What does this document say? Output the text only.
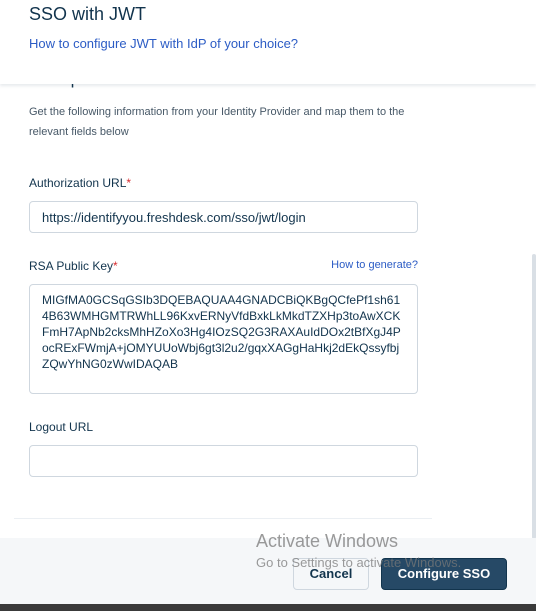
SSO with JWT
How to configure JWT with IdP of your choice?
Get the following information from your Identity Provider and map them to the relevant fields below
Authorization URL*
https://identifyyou.freshdesk.com/sso/jwt/login
RSA Public Key*	How to generate?
MIGfMA0GCSqGSIb3DQEBAQUAA4GNADCBiQKBgQCfePf1sh614B63WMHGMTRWhLL96KxvERNyVfdBxkLkMkdTZXHp3toAwXCKFmH7ApNb2cksMhHZoXo3Hg4IOzSQ2G3RAXAuIdDOx2tBfXgJ4PocRExFWmjA+jOMYUUoWbj6gt3l2u2/gqxXAGgHaHkj2dEkQssyfbjZQwYhNG0zWwIDAQAB
Logout URL
Cancel	Configure SSO
Activate Windows
Go to Settings to activate Windows.
